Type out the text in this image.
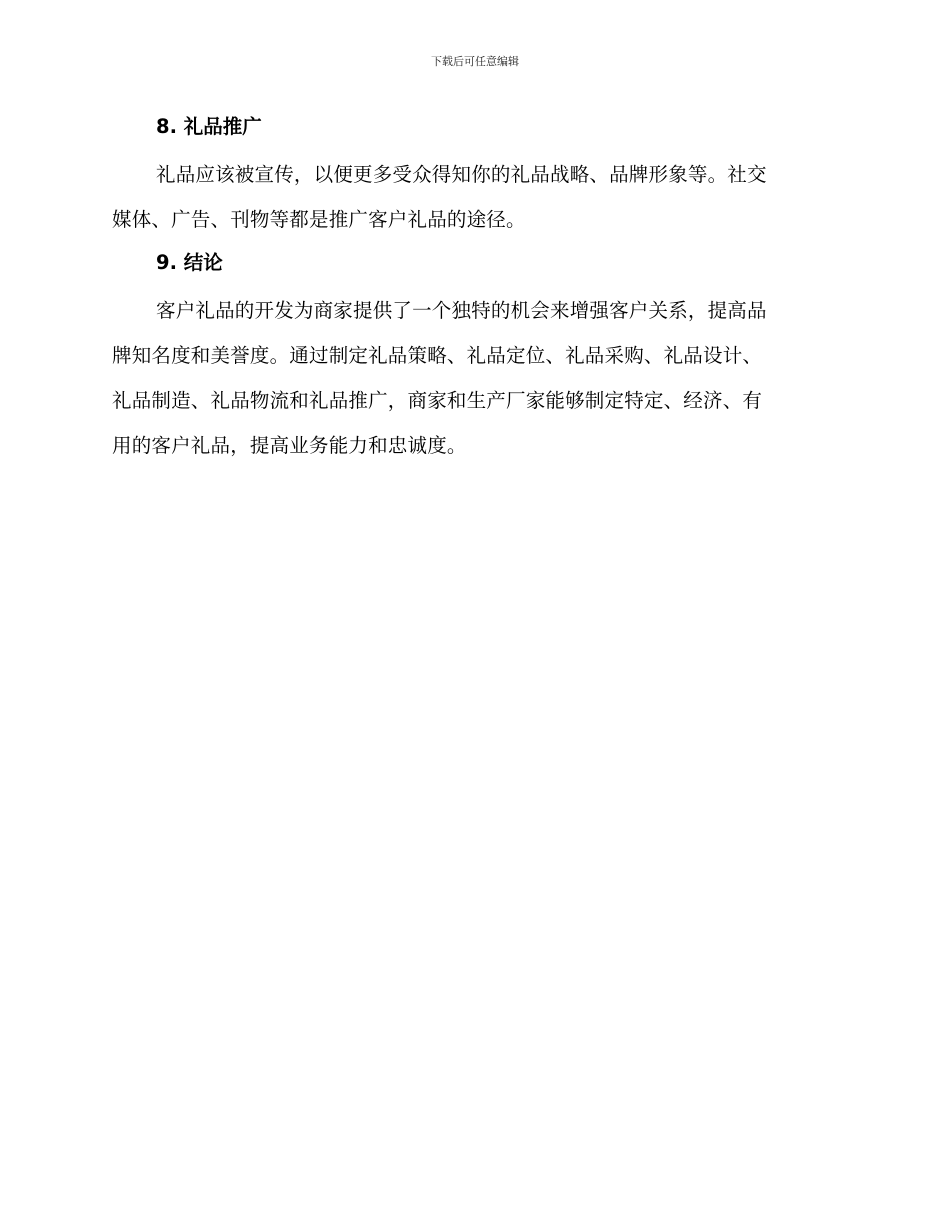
下载后可任意编辑
8. 礼品推广

礼品应该被宣传，以便更多受众得知你的礼品战略、品牌形象等。社交
媒体、广告、刊物等都是推广客户礼品的途径。

9. 结论

客户礼品的开发为商家提供了一个独特的机会来增强客户关系，提高品
牌知名度和美誉度。通过制定礼品策略、礼品定位、礼品采购、礼品设计、
礼品制造、礼品物流和礼品推广，商家和生产厂家能够制定特定、经济、有
用的客户礼品，提高业务能力和忠诚度。
